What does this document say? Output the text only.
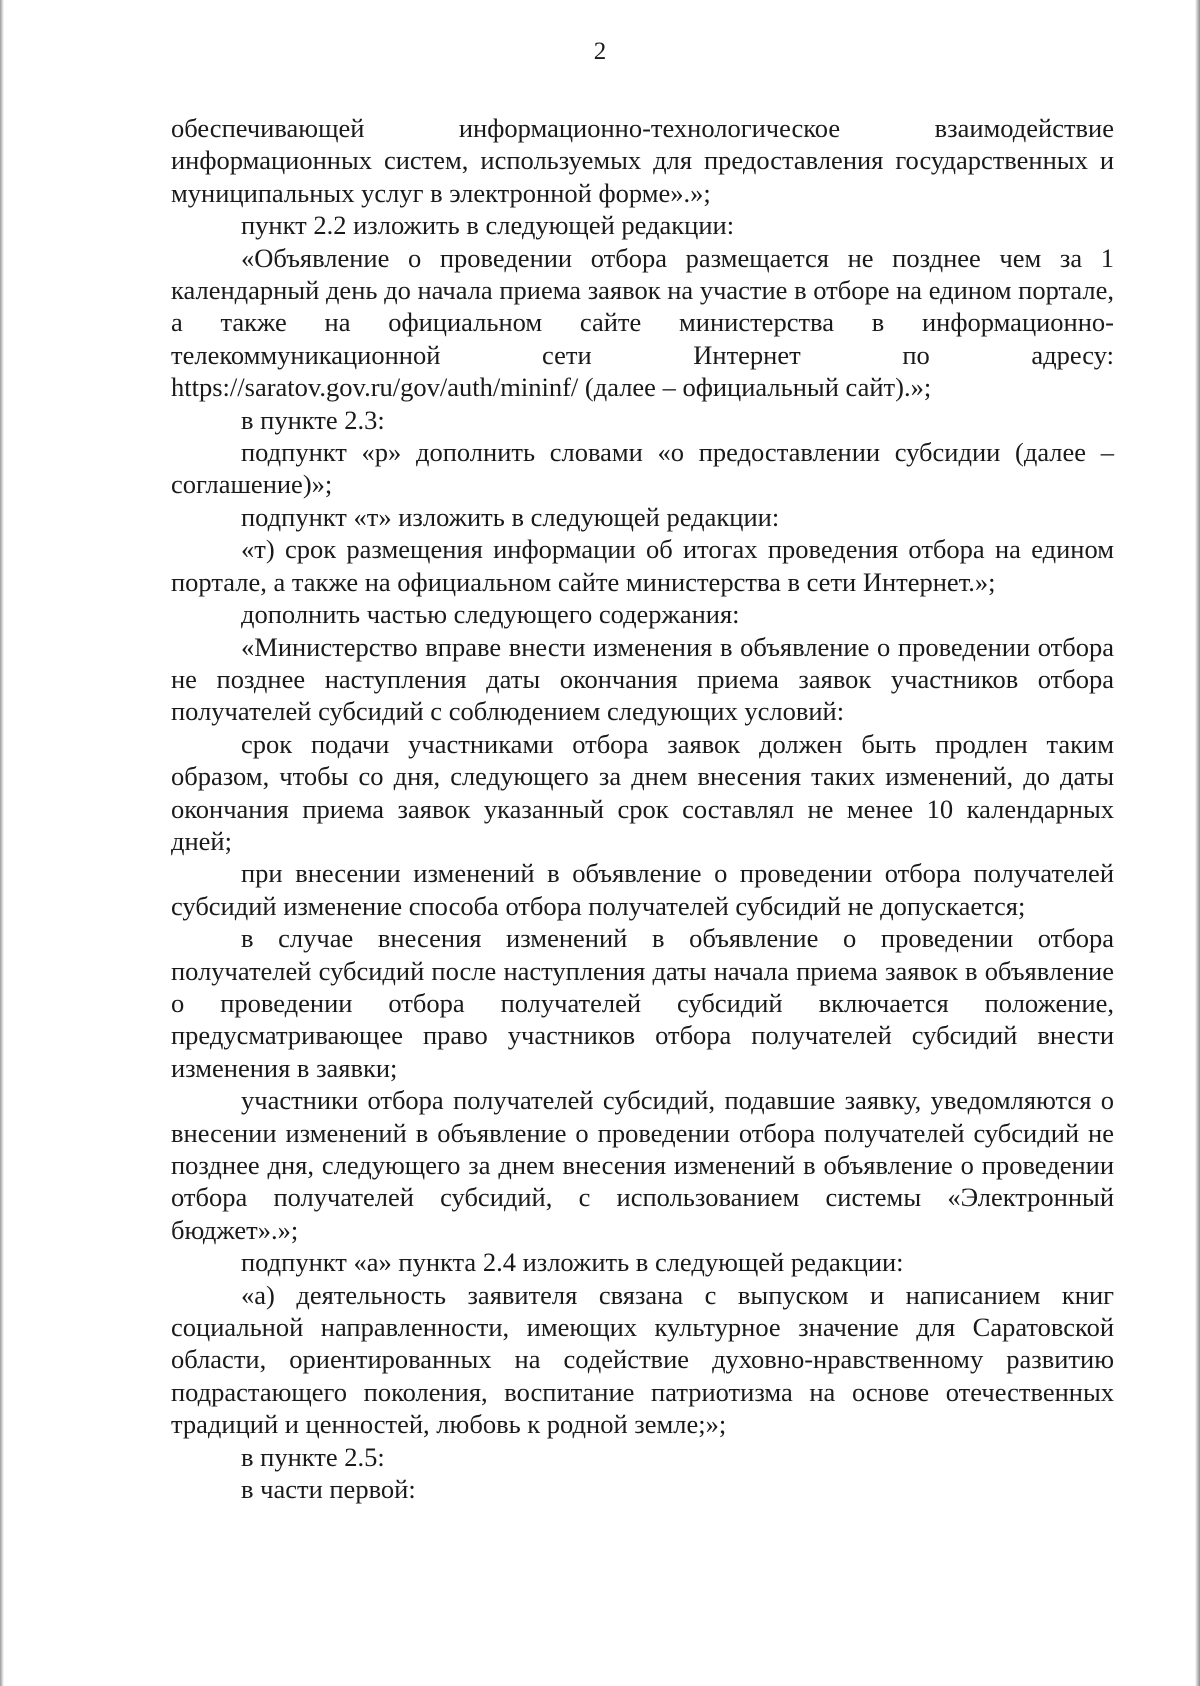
2

обеспечивающей информационно-технологическое взаимодействие информационных систем, используемых для предоставления государственных и муниципальных услуг в электронной форме».»;

пункт 2.2 изложить в следующей редакции:

«Объявление о проведении отбора размещается не позднее чем за 1 календарный день до начала приема заявок на участие в отборе на едином портале, а также на официальном сайте министерства в информационно-телекоммуникационной сети Интернет по адресу: https://saratov.gov.ru/gov/auth/mininf/ (далее – официальный сайт).»;

в пункте 2.3:

подпункт «р» дополнить словами «о предоставлении субсидии (далее – соглашение)»;

подпункт «т» изложить в следующей редакции:

«т) срок размещения информации об итогах проведения отбора на едином портале, а также на официальном сайте министерства в сети Интернет.»;

дополнить частью следующего содержания:

«Министерство вправе внести изменения в объявление о проведении отбора не позднее наступления даты окончания приема заявок участников отбора получателей субсидий с соблюдением следующих условий:

срок подачи участниками отбора заявок должен быть продлен таким образом, чтобы со дня, следующего за днем внесения таких изменений, до даты окончания приема заявок указанный срок составлял не менее 10 календарных дней;

при внесении изменений в объявление о проведении отбора получателей субсидий изменение способа отбора получателей субсидий не допускается;

в случае внесения изменений в объявление о проведении отбора получателей субсидий после наступления даты начала приема заявок в объявление о проведении отбора получателей субсидий включается положение, предусматривающее право участников отбора получателей субсидий внести изменения в заявки;

участники отбора получателей субсидий, подавшие заявку, уведомляются о внесении изменений в объявление о проведении отбора получателей субсидий не позднее дня, следующего за днем внесения изменений в объявление о проведении отбора получателей субсидий, с использованием системы «Электронный бюджет».»;

подпункт «а» пункта 2.4 изложить в следующей редакции:

«а) деятельность заявителя связана с выпуском и написанием книг социальной направленности, имеющих культурное значение для Саратовской области, ориентированных на содействие духовно-нравственному развитию подрастающего поколения, воспитание патриотизма на основе отечественных традиций и ценностей, любовь к родной земле;»;

в пункте 2.5:

в части первой:
